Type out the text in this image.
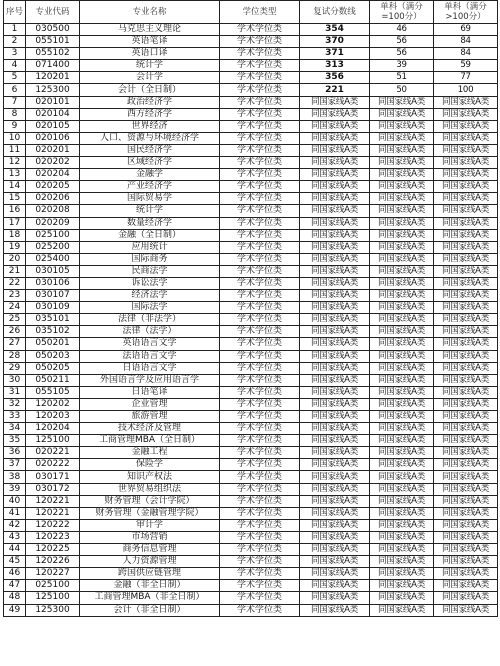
序号	专业代码	专业名称	学位类型	复试分数线	单科（满分=100分）	单科（满分>100分）
1	030500	马克思主义理论	学术学位类	354	46	69
2	055101	英语笔译	学术学位类	370	56	84
3	055102	英语口译	学术学位类	371	56	84
4	071400	统计学	学术学位类	313	39	59
5	120201	会计学	学术学位类	356	51	77
6	125300	会计（全日制）	学术学位类	221	50	100
7	020101	政治经济学	学术学位类	同国家线A类	同国家线A类	同国家线A类
8	020104	西方经济学	学术学位类	同国家线A类	同国家线A类	同国家线A类
9	020105	世界经济	学术学位类	同国家线A类	同国家线A类	同国家线A类
10	020106	人口、资源与环境经济学	学术学位类	同国家线A类	同国家线A类	同国家线A类
11	020201	国民经济学	学术学位类	同国家线A类	同国家线A类	同国家线A类
12	020202	区域经济学	学术学位类	同国家线A类	同国家线A类	同国家线A类
13	020204	金融学	学术学位类	同国家线A类	同国家线A类	同国家线A类
14	020205	产业经济学	学术学位类	同国家线A类	同国家线A类	同国家线A类
15	020206	国际贸易学	学术学位类	同国家线A类	同国家线A类	同国家线A类
16	020208	统计学	学术学位类	同国家线A类	同国家线A类	同国家线A类
17	020209	数量经济学	学术学位类	同国家线A类	同国家线A类	同国家线A类
18	025100	金融（全日制）	学术学位类	同国家线A类	同国家线A类	同国家线A类
19	025200	应用统计	学术学位类	同国家线A类	同国家线A类	同国家线A类
20	025400	国际商务	学术学位类	同国家线A类	同国家线A类	同国家线A类
21	030105	民商法学	学术学位类	同国家线A类	同国家线A类	同国家线A类
22	030106	诉讼法学	学术学位类	同国家线A类	同国家线A类	同国家线A类
23	030107	经济法学	学术学位类	同国家线A类	同国家线A类	同国家线A类
24	030109	国际法学	学术学位类	同国家线A类	同国家线A类	同国家线A类
25	035101	法律（非法学）	学术学位类	同国家线A类	同国家线A类	同国家线A类
26	035102	法律（法学）	学术学位类	同国家线A类	同国家线A类	同国家线A类
27	050201	英语语言文学	学术学位类	同国家线A类	同国家线A类	同国家线A类
28	050203	法语语言文学	学术学位类	同国家线A类	同国家线A类	同国家线A类
29	050205	日语语言文学	学术学位类	同国家线A类	同国家线A类	同国家线A类
30	050211	外国语言学及应用语言学	学术学位类	同国家线A类	同国家线A类	同国家线A类
31	055105	日语笔译	学术学位类	同国家线A类	同国家线A类	同国家线A类
32	120202	企业管理	学术学位类	同国家线A类	同国家线A类	同国家线A类
33	120203	旅游管理	学术学位类	同国家线A类	同国家线A类	同国家线A类
34	120204	技术经济及管理	学术学位类	同国家线A类	同国家线A类	同国家线A类
35	125100	工商管理MBA（全日制）	学术学位类	同国家线A类	同国家线A类	同国家线A类
36	020221	金融工程	学术学位类	同国家线A类	同国家线A类	同国家线A类
37	020222	保险学	学术学位类	同国家线A类	同国家线A类	同国家线A类
38	030171	知识产权法	学术学位类	同国家线A类	同国家线A类	同国家线A类
39	030172	世界贸易组织法	学术学位类	同国家线A类	同国家线A类	同国家线A类
40	120221	财务管理（会计学院）	学术学位类	同国家线A类	同国家线A类	同国家线A类
41	120221	财务管理（金融管理学院）	学术学位类	同国家线A类	同国家线A类	同国家线A类
42	120222	审计学	学术学位类	同国家线A类	同国家线A类	同国家线A类
43	120223	市场营销	学术学位类	同国家线A类	同国家线A类	同国家线A类
44	120225	商务信息管理	学术学位类	同国家线A类	同国家线A类	同国家线A类
45	120226	人力资源管理	学术学位类	同国家线A类	同国家线A类	同国家线A类
46	120227	跨国供应链管理	学术学位类	同国家线A类	同国家线A类	同国家线A类
47	025100	金融（非全日制）	学术学位类	同国家线A类	同国家线A类	同国家线A类
48	125100	工商管理MBA（非全日制）	学术学位类	同国家线A类	同国家线A类	同国家线A类
49	125300	会计（非全日制）	学术学位类	同国家线A类	同国家线A类	同国家线A类
